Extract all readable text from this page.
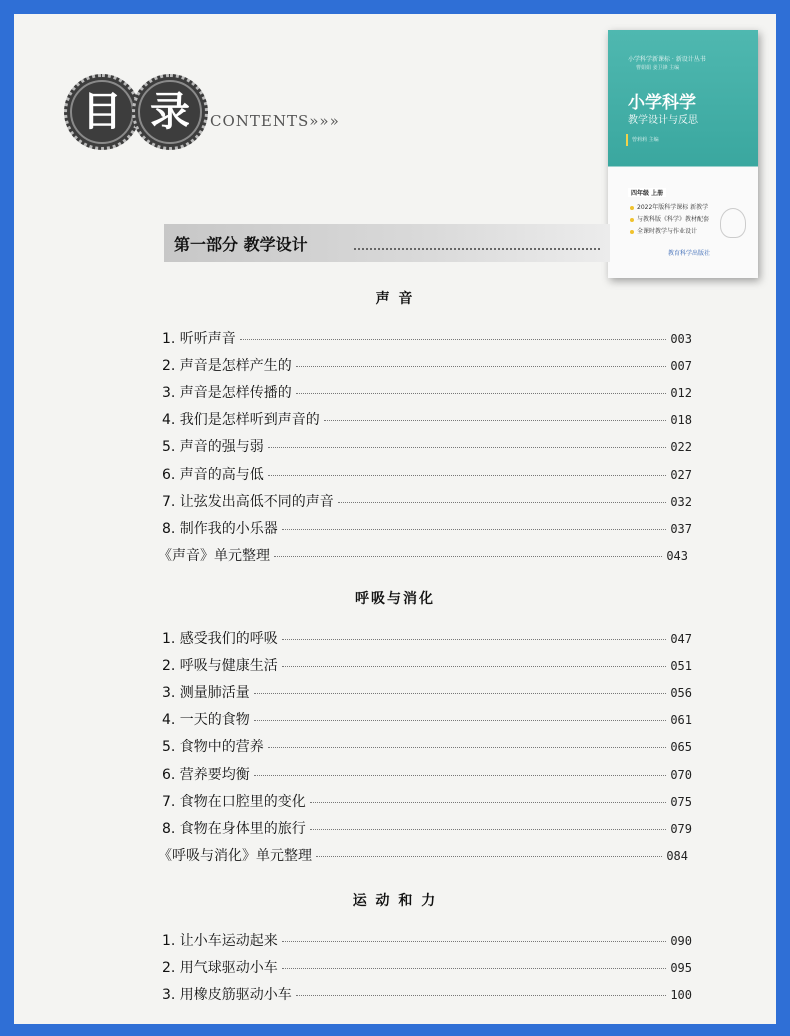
目 录	CONTENTS»»»
小学科学新课标 · 新设计丛书
曹娟娟 姜卫锋 主编
小学科学
教学设计与反思
曾莉莉 主编
四年级 上册
2022年版科学课标 新教学
与教科版《科学》教材配套
全课时教学与作业设计
教育科学出版社
第一部分 教学设计
声 音
1. 听听声音	003
2. 声音是怎样产生的	007
3. 声音是怎样传播的	012
4. 我们是怎样听到声音的	018
5. 声音的强与弱	022
6. 声音的高与低	027
7. 让弦发出高低不同的声音	032
8. 制作我的小乐器	037
《声音》单元整理	043
呼吸与消化
1. 感受我们的呼吸	047
2. 呼吸与健康生活	051
3. 测量肺活量	056
4. 一天的食物	061
5. 食物中的营养	065
6. 营养要均衡	070
7. 食物在口腔里的变化	075
8. 食物在身体里的旅行	079
《呼吸与消化》单元整理	084
运 动 和 力
1. 让小车运动起来	090
2. 用气球驱动小车	095
3. 用橡皮筋驱动小车	100
